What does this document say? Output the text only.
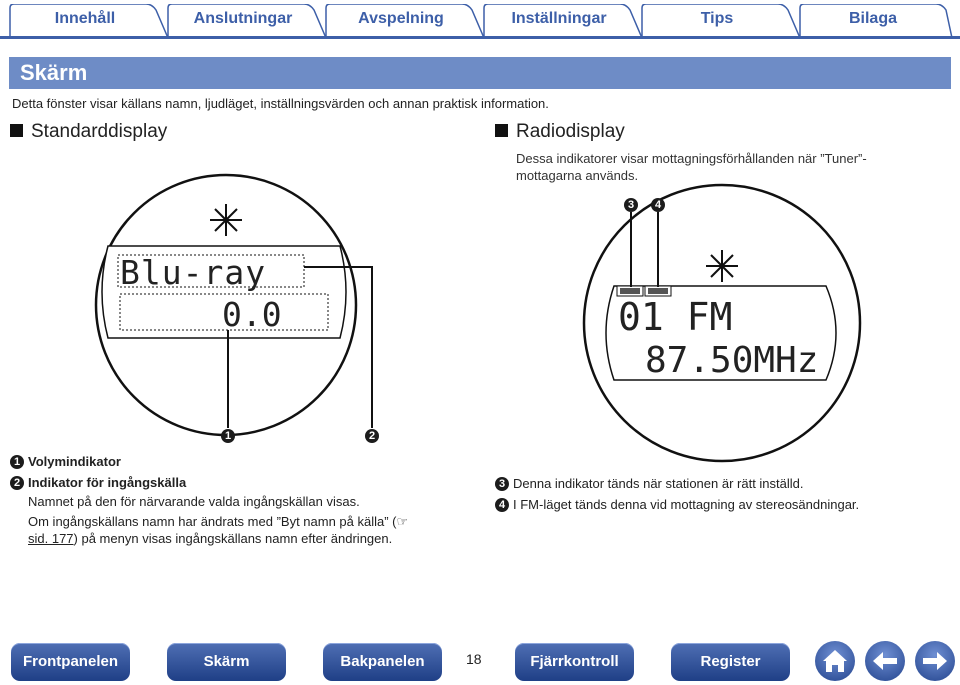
Innehåll	Anslutningar	Avspelning	Inställningar	Tips	Bilaga
Skärm
Detta fönster visar källans namn, ljudläget, inställningsvärden och annan praktisk information.
Standarddisplay	Radiodisplay
Dessa indikatorer visar mottagningsförhållanden när ”Tuner”-mottagarna används.
Blu-ray
0.0	01 FM
87.50MHz
1	2
3	4
1 Volymindikator
2 Indikator för ingångskälla
Namnet på den för närvarande valda ingångskällan visas.
Om ingångskällans namn har ändrats med ”Byt namn på källa” (☞ sid. 177) på menyn visas ingångskällans namn efter ändringen.
3 Denna indikator tänds när stationen är rätt inställd.
4 I FM-läget tänds denna vid mottagning av stereosändningar.
Frontpanelen	Skärm	Bakpanelen	18	Fjärrkontroll	Register
